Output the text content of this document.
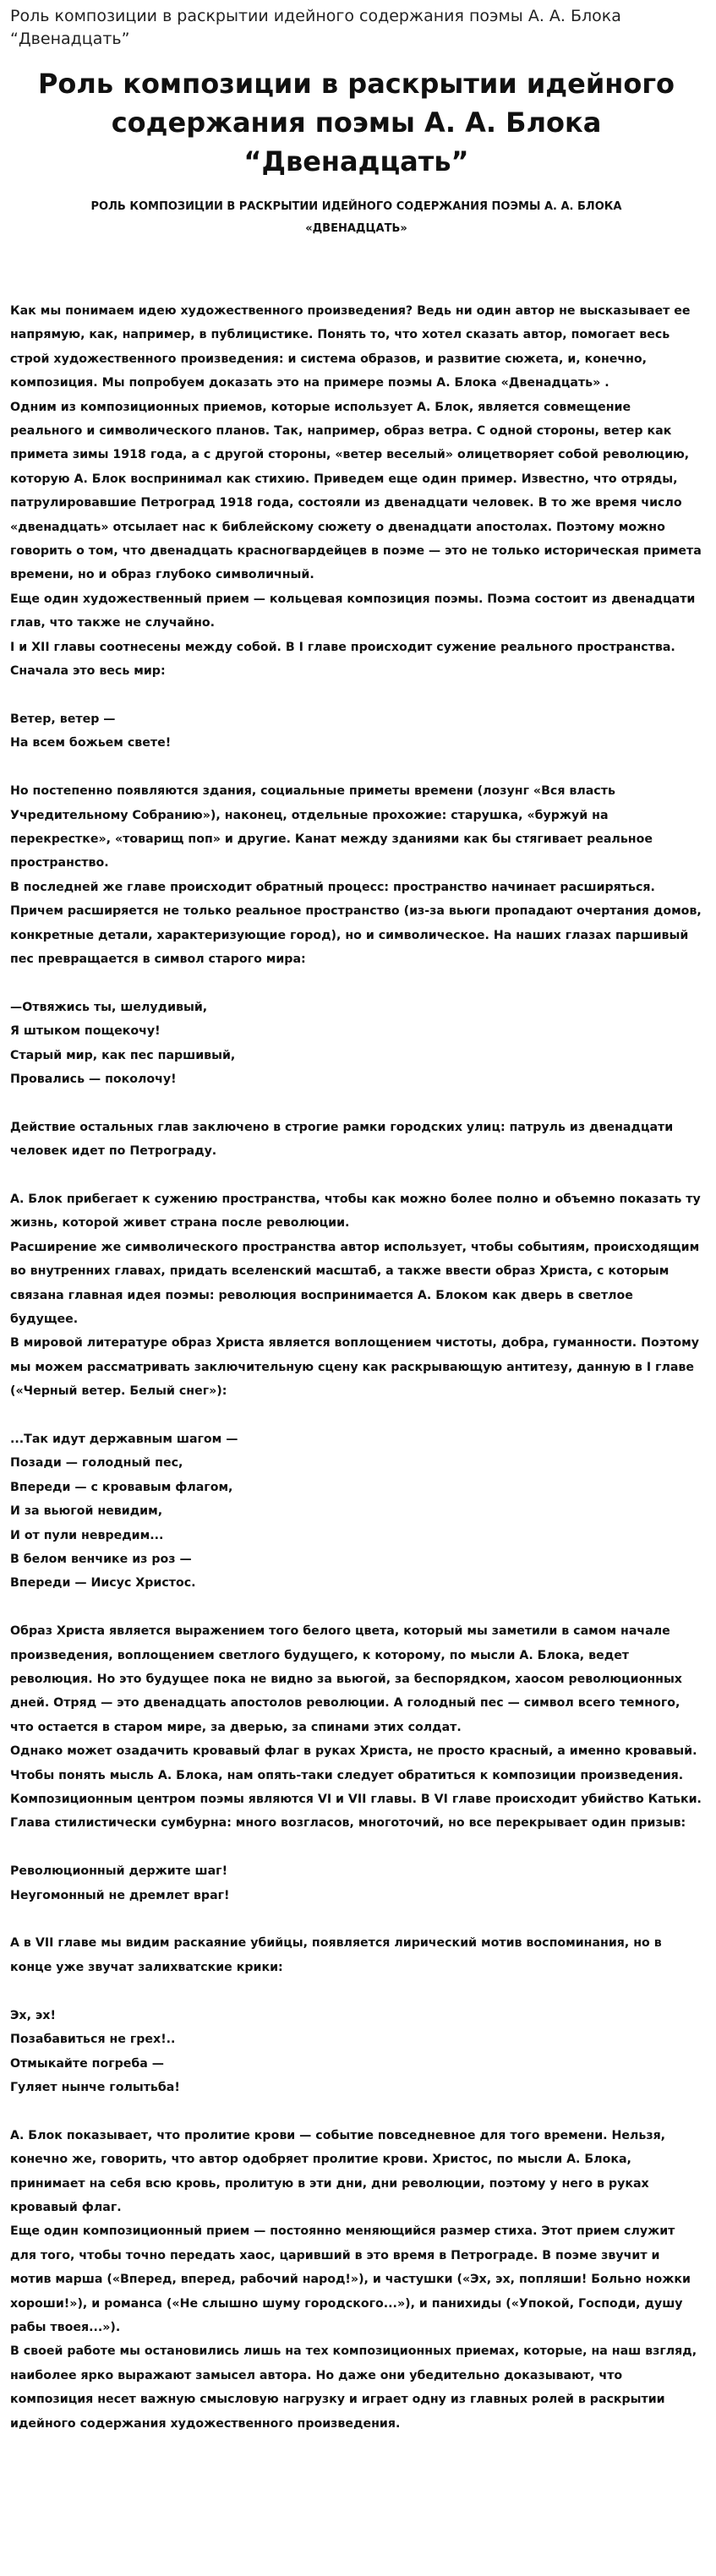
Роль композиции в раскрытии идейного содержания поэмы А. А. Блока “Двенадцать”
Роль композиции в раскрытии идейного содержания поэмы А. А. Блока “Двенадцать”
РОЛЬ КОМПОЗИЦИИ В РАСКРЫТИИ ИДЕЙНОГО СОДЕРЖАНИЯ ПОЭМЫ А. А. БЛОКА «ДВЕНАДЦАТЬ»

Как мы понимаем идею художественного произведения? Ведь ни один автор не высказывает ее напрямую, как, например, в публицистике. Понять то, что хотел сказать автор, помогает весь строй художественного произведения: и система образов, и развитие сюжета, и, конечно, композиция. Мы попробуем доказать это на примере поэмы А. Блока «Двенадцать» .

Одним из композиционных приемов, которые использует А. Блок, является совмещение реального и символического планов. Так, например, образ ветра. С одной стороны, ветер как примета зимы 1918 года, а с другой стороны, «ветер веселый» олицетворяет собой революцию, которую А. Блок воспринимал как стихию. Приведем еще один пример. Известно, что отряды, патрулировавшие Петроград 1918 года, состояли из двенадцати человек. В то же время число «двенадцать» отсылает нас к библейскому сюжету о двенадцати апостолах. Поэтому можно говорить о том, что двенадцать красногвардейцев в поэме — это не только историческая примета времени, но и образ глубоко символичный.

Еще один художественный прием — кольцевая композиция поэмы. Поэма состоит из двенадцати глав, что также не случайно.

I и XII главы соотнесены между собой. В I главе происходит сужение реального пространства. Сначала это весь мир:

Ветер, ветер —

На всем божьем свете!

Но постепенно появляются здания, социальные приметы времени (лозунг «Вся власть Учредительному Собранию»), наконец, отдельные прохожие: старушка, «буржуй на перекрестке», «товарищ поп» и другие. Канат между зданиями как бы стягивает реальное пространство.

В последней же главе происходит обратный процесс: пространство начинает расширяться. Причем расширяется не только реальное пространство (из-за вьюги пропадают очертания домов, конкретные детали, характеризующие город), но и символическое. На наших глазах паршивый пес превращается в символ старого мира:

—Отвяжись ты, шелудивый,

Я штыком пощекочу!

Старый мир, как пес паршивый,

Провались — поколочу!

Действие остальных глав заключено в строгие рамки городских улиц: патруль из двенадцати человек идет по Петрограду.

А. Блок прибегает к сужению пространства, чтобы как можно более полно и объемно показать ту жизнь, которой живет страна после революции.

Расширение же символического пространства автор использует, чтобы событиям, происходящим во внутренних главах, придать вселенский масштаб, а также ввести образ Христа, с которым связана главная идея поэмы: революция воспринимается А. Блоком как дверь в светлое будущее.

В мировой литературе образ Христа является воплощением чистоты, добра, гуманности. Поэтому мы можем рассматривать заключительную сцену как раскрывающую антитезу, данную в I главе («Черный ветер. Белый снег»):

...Так идут державным шагом —

Позади — голодный пес,

Впереди — с кровавым флагом,

И за вьюгой невидим,

И от пули невредим...

В белом венчике из роз —

Впереди — Иисус Христос.

Образ Христа является выражением того белого цвета, который мы заметили в самом начале произведения, воплощением светлого будущего, к которому, по мысли А. Блока, ведет революция. Но это будущее пока не видно за вьюгой, за беспорядком, хаосом революционных дней. Отряд — это двенадцать апостолов революции. А голодный пес — символ всего темного, что остается в старом мире, за дверью, за спинами этих солдат.

Однако может озадачить кровавый флаг в руках Христа, не просто красный, а именно кровавый. Чтобы понять мысль А. Блока, нам опять-таки следует обратиться к композиции произведения.

Композиционным центром поэмы являются VI и VII главы. В VI главе происходит убийство Катьки. Глава стилистически сумбурна: много возгласов, многоточий, но все перекрывает один призыв:

Революционный держите шаг!

Неугомонный не дремлет враг!

А в VII главе мы видим раскаяние убийцы, появляется лирический мотив воспоминания, но в конце уже звучат залихватские крики:

Эх, эх!

Позабавиться не грех!..

Отмыкайте погреба —

Гуляет нынче голытьба!

А. Блок показывает, что пролитие крови — событие повседневное для того времени. Нельзя, конечно же, говорить, что автор одобряет пролитие крови. Христос, по мысли А. Блока, принимает на себя всю кровь, пролитую в эти дни, дни революции, поэтому у него в руках кровавый флаг.

Еще один композиционный прием — постоянно меняющийся размер стиха. Этот прием служит для того, чтобы точно передать хаос, царивший в это время в Петрограде. В поэме звучит и мотив марша («Вперед, вперед, рабочий народ!»), и частушки («Эх, эх, попляши! Больно ножки хороши!»), и романса («Не слышно шуму городского...»), и панихиды («Упокой, Господи, душу рабы твоея...»).

В своей работе мы остановились лишь на тех композиционных приемах, которые, на наш взгляд, наиболее ярко выражают замысел автора. Но даже они убедительно доказывают, что композиция несет важную смысловую нагрузку и играет одну из главных ролей в раскрытии идейного содержания художественного произведения.
